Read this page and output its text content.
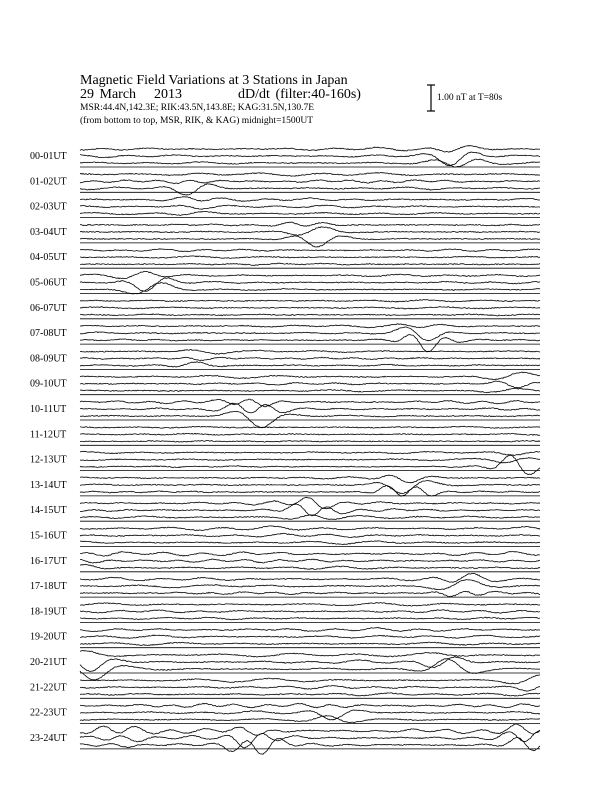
Magnetic Field Variations at 3 Stations in Japan
29 March 2013	dD/dt (filter:40-160s)
MSR:44.4N,142.3E; RIK:43.5N,143.8E; KAG:31.5N,130.7E
(from bottom to top, MSR, RIK, & KAG) midnight=1500UT
1.00 nT at T=80s
00-01UT
01-02UT
02-03UT
03-04UT
04-05UT
05-06UT
06-07UT
07-08UT
08-09UT
09-10UT
10-11UT
11-12UT
12-13UT
13-14UT
14-15UT
15-16UT
16-17UT
17-18UT
18-19UT
19-20UT
20-21UT
21-22UT
22-23UT
23-24UT
